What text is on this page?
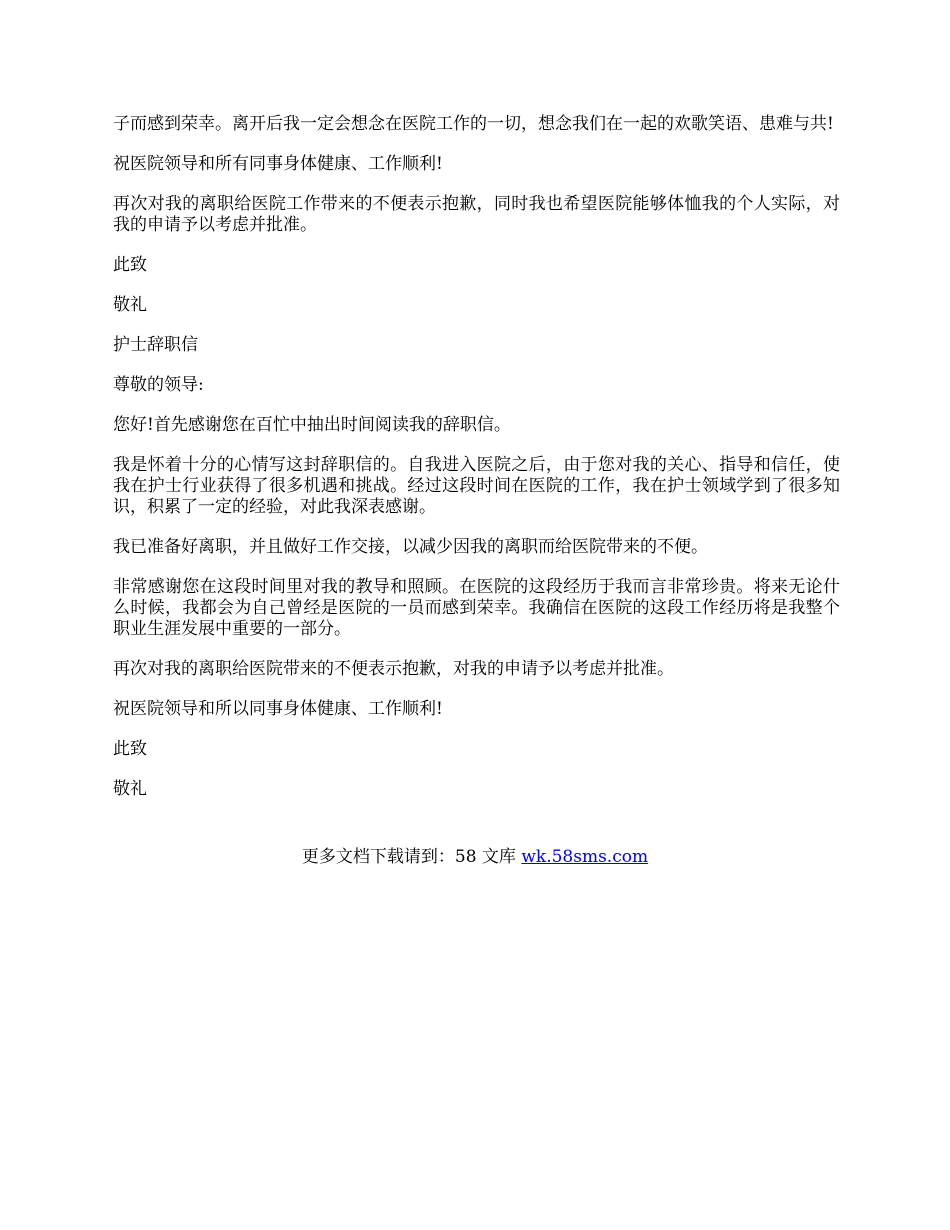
子而感到荣幸。离开后我一定会想念在医院工作的一切，想念我们在一起的欢歌笑语、患难与共!

祝医院领导和所有同事身体健康、工作顺利!

再次对我的离职给医院工作带来的不便表示抱歉，同时我也希望医院能够体恤我的个人实际，对我的申请予以考虑并批准。

此致

敬礼

护士辞职信

尊敬的领导:

您好!首先感谢您在百忙中抽出时间阅读我的辞职信。

我是怀着十分的心情写这封辞职信的。自我进入医院之后，由于您对我的关心、指导和信任，使我在护士行业获得了很多机遇和挑战。经过这段时间在医院的工作，我在护士领域学到了很多知识，积累了一定的经验，对此我深表感谢。

我已准备好离职，并且做好工作交接，以减少因我的离职而给医院带来的不便。

非常感谢您在这段时间里对我的教导和照顾。在医院的这段经历于我而言非常珍贵。将来无论什么时候，我都会为自己曾经是医院的一员而感到荣幸。我确信在医院的这段工作经历将是我整个职业生涯发展中重要的一部分。

再次对我的离职给医院带来的不便表示抱歉，对我的申请予以考虑并批准。

祝医院领导和所以同事身体健康、工作顺利!

此致

敬礼

更多文档下载请到：58 文库 wk.58sms.com
